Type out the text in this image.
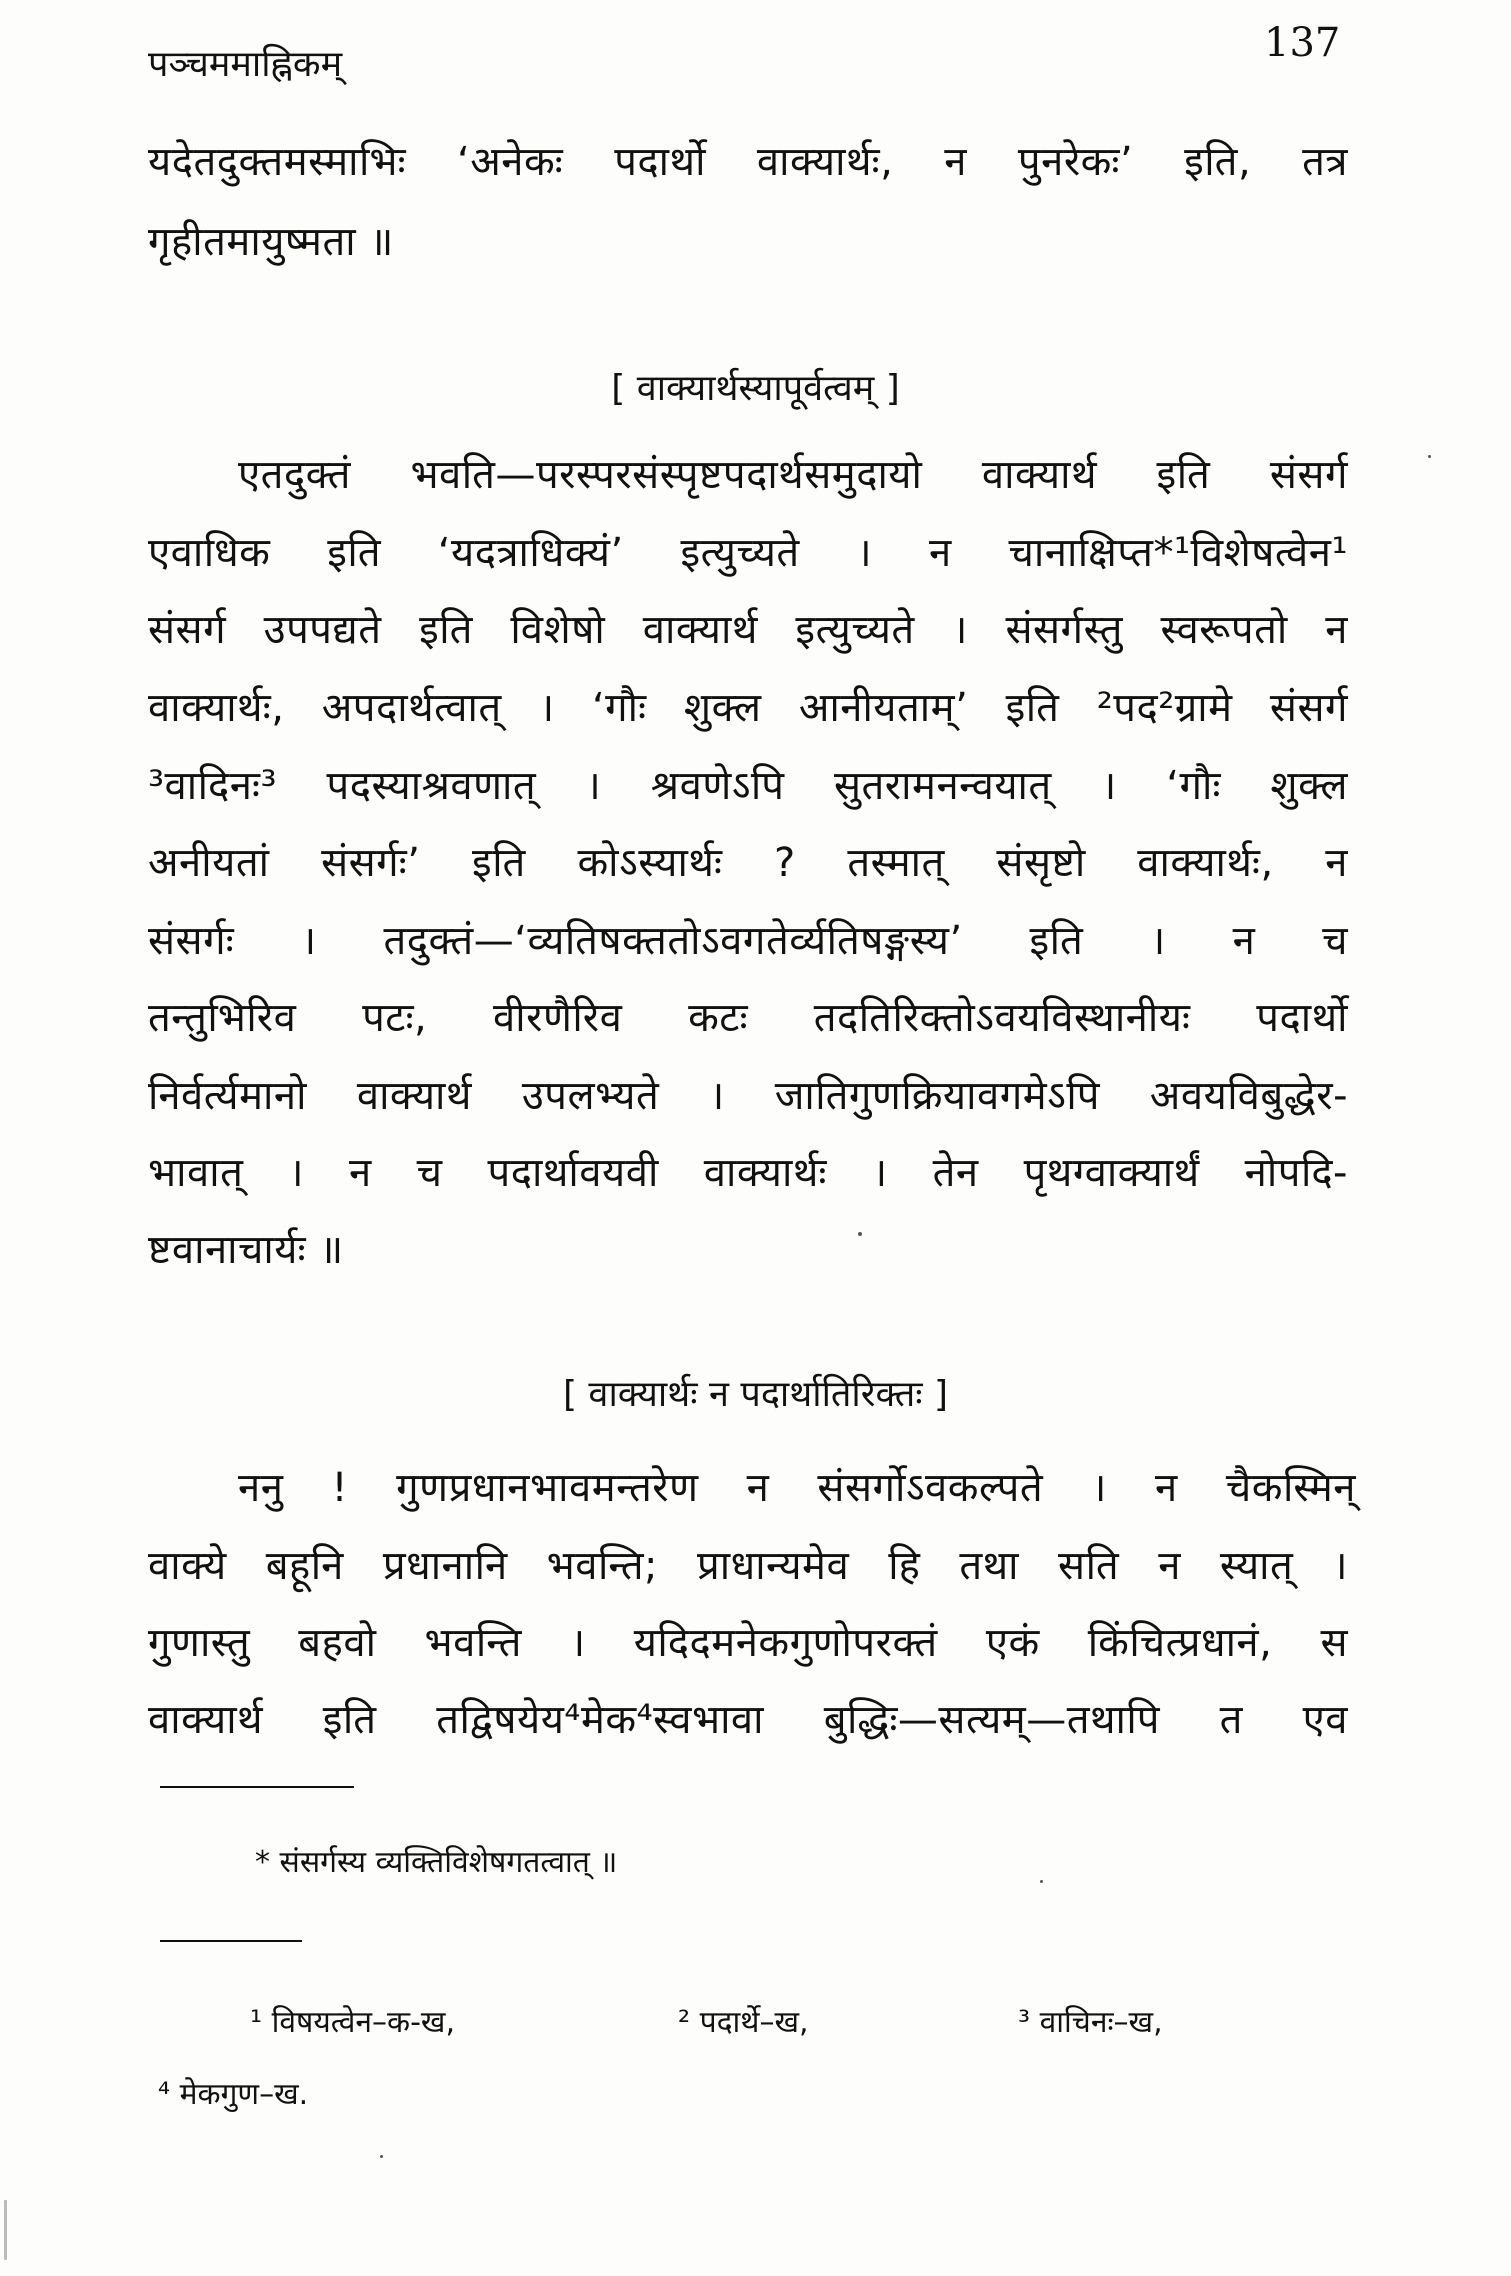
पञ्चममाह्निकम्	137
यदेतदुक्तमस्माभिः ‘अनेकः पदार्थो वाक्यार्थः, न पुनरेकः’ इति, तत्र
गृहीतमायुष्मता ॥
[ वाक्यार्थस्यापूर्वत्वम् ]
एतदुक्तं भवति—परस्परसंस्पृष्टपदार्थसमुदायो वाक्यार्थ इति संसर्ग
एवाधिक इति ‘यदत्राधिक्यं’ इत्युच्यते । न चानाक्षिप्त*¹विशेषत्वेन¹
संसर्ग उपपद्यते इति विशेषो वाक्यार्थ इत्युच्यते । संसर्गस्तु स्वरूपतो न
वाक्यार्थः, अपदार्थत्वात् । ‘गौः शुक्ल आनीयताम्’ इति ²पद²ग्रामे संसर्ग
³वादिनः³ पदस्याश्रवणात् । श्रवणेऽपि सुतरामनन्वयात् । ‘गौः शुक्ल
अनीयतां संसर्गः’ इति कोऽस्यार्थः ? तस्मात् संसृष्टो वाक्यार्थः, न
संसर्गः । तदुक्तं—‘व्यतिषक्ततोऽवगतेर्व्यतिषङ्गस्य’ इति । न च
तन्तुभिरिव पटः, वीरणैरिव कटः तदतिरिक्तोऽवयविस्थानीयः पदार्थो
निर्वर्त्यमानो वाक्यार्थ उपलभ्यते । जातिगुणक्रियावगमेऽपि अवयविबुद्धेर-
भावात् । न च पदार्थावयवी वाक्यार्थः । तेन पृथग्वाक्यार्थं नोपदि-
ष्टवानाचार्यः ॥
[ वाक्यार्थः न पदार्थातिरिक्तः ]
ननु ! गुणप्रधानभावमन्तरेण न संसर्गोऽवकल्पते । न चैकस्मिन्
वाक्ये बहूनि प्रधानानि भवन्ति; प्राधान्यमेव हि तथा सति न स्यात् ।
गुणास्तु बहवो भवन्ति । यदिदमनेकगुणोपरक्तं एकं किंचित्प्रधानं, स
वाक्यार्थ इति तद्विषयेय⁴मेक⁴स्वभावा बुद्धिः—सत्यम्—तथापि त एव
* संसर्गस्य व्यक्तिविशेषगतत्वात् ॥
¹ विषयत्वेन–क-ख,	² पदार्थे–ख,	³ वाचिनः–ख,
⁴ मेकगुण–ख.
